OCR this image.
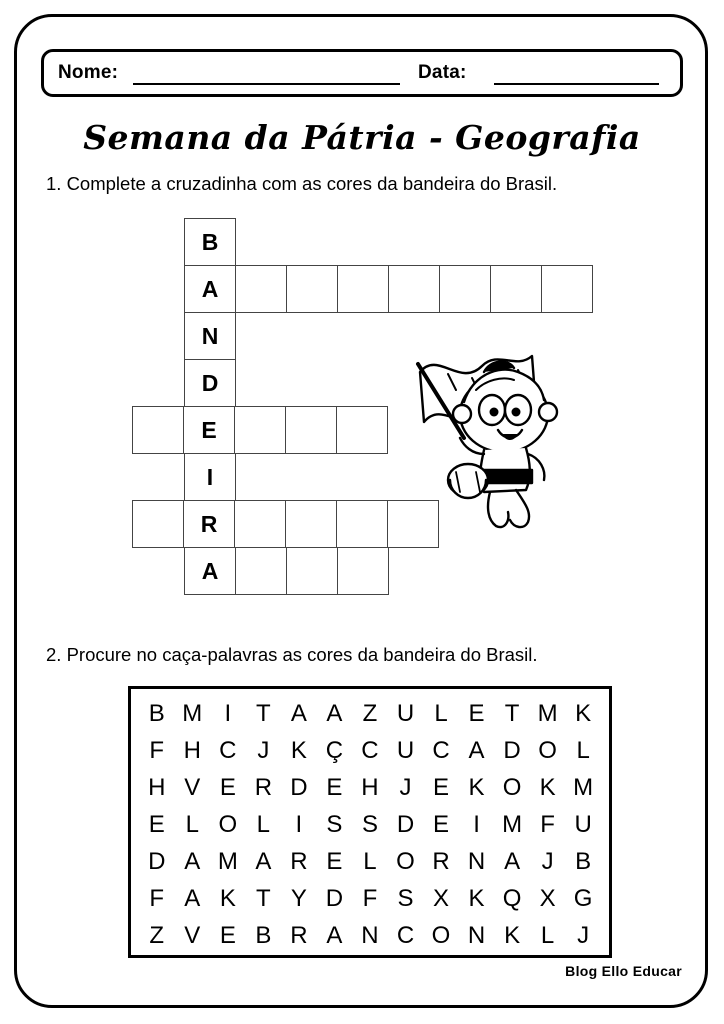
Nome:	Data:
Semana da Pátria - Geografia
1. Complete a cruzadinha com as cores da bandeira do Brasil.
B
A
N
D
E
I
R
A
2. Procure no caça-palavras as cores da bandeira do Brasil.
B M I	T A A Z U L E T M K
F H C J K Ç C U C A D O L
H V E R D E H J E K O K M
E L O L	I	S S D E	I M F U
D A M A R E L O R N A J B
F A K T Y D F S X K Q X G
Z V E B R A N C O N K L J
Blog Ello Educar
